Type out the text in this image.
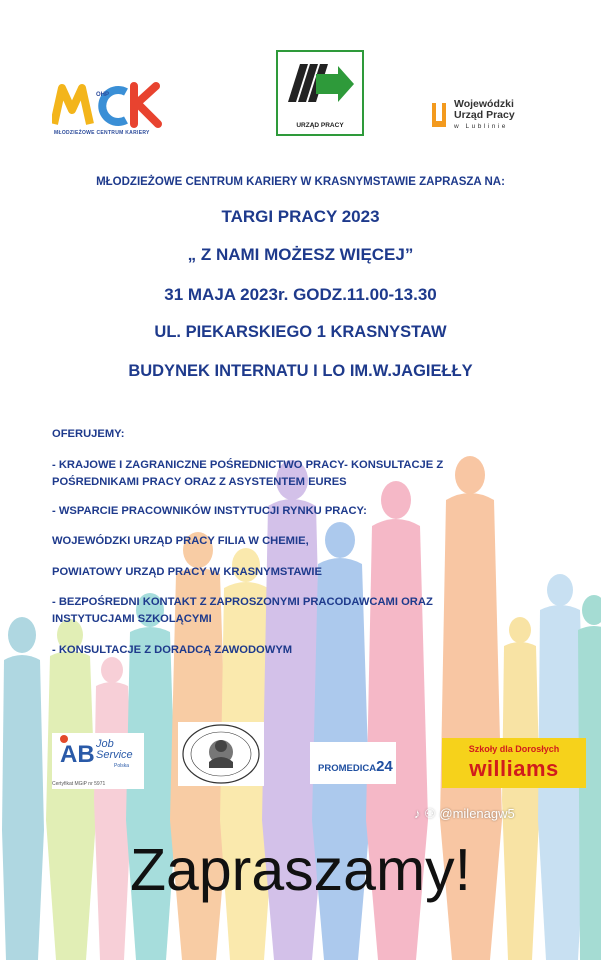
OHP
MŁODZIEŻOWE CENTRUM KARIERY
URZĄD PRACY
Wojewódzki
Urząd Pracy
w Lublinie
MŁODZIEŻOWE CENTRUM KARIERY W KRASNYMSTAWIE ZAPRASZA NA:
TARGI PRACY 2023
„ Z NAMI MOŻESZ WIĘCEJ”
31 MAJA 2023r. GODZ.11.00-13.30
UL. PIEKARSKIEGO 1 KRASNYSTAW
BUDYNEK INTERNATU I LO IM.W.JAGIEŁŁY
OFERUJEMY:
- KRAJOWE I ZAGRANICZNE POŚREDNICTWO PRACY- KONSULTACJE Z
POŚREDNIKAMI PRACY ORAZ Z ASYSTENTEM EURES
- WSPARCIE PRACOWNIKÓW INSTYTUCJI RYNKU PRACY:
WOJEWÓDZKI URZĄD PRACY FILIA W CHEMIE,
POWIATOWY URZĄD PRACY W KRASNYMSTAWIE
- BEZPOŚREDNI KONTAKT Z ZAPROSZONYMI PRACODAWCAMI ORAZ
INSTYTUCJAMI SZKOLĄCYMI
- KONSULTACJE Z DORADCĄ ZAWODOWYM
AB Job
Service
Polska
Certyfikat MGiP nr 5971
PROMEDICA24
Szkoły dla Dorosłych
williams
♪ ⚇ @milenagw5
Zapraszamy!
